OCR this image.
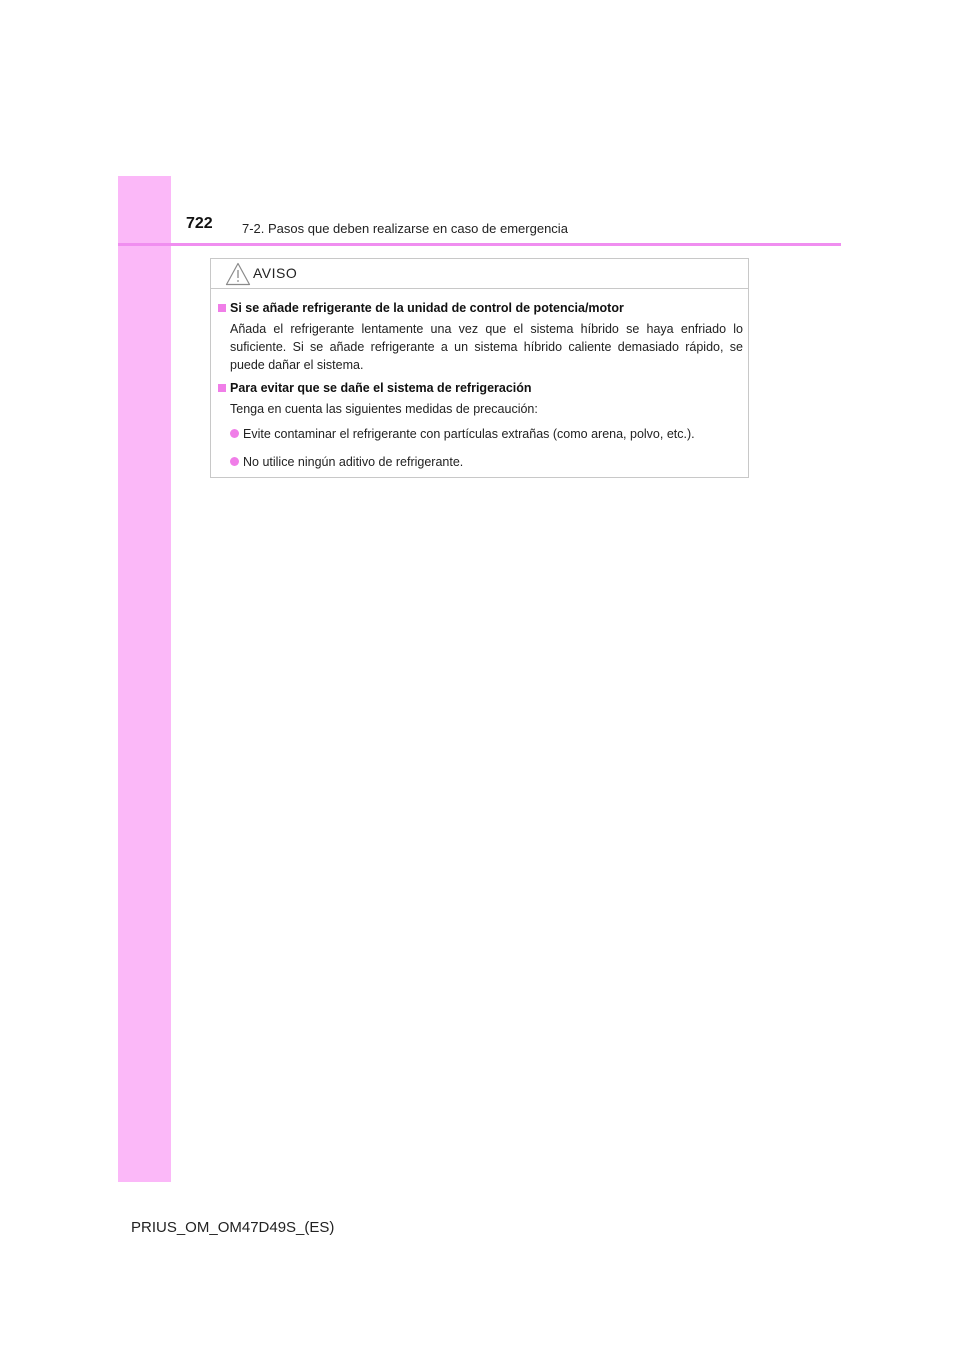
722 7-2. Pasos que deben realizarse en caso de emergencia
AVISO
Si se añade refrigerante de la unidad de control de potencia/motor
Añada el refrigerante lentamente una vez que el sistema híbrido se haya enfriado lo suficiente. Si se añade refrigerante a un sistema híbrido caliente demasiado rápido, se puede dañar el sistema.
Para evitar que se dañe el sistema de refrigeración
Tenga en cuenta las siguientes medidas de precaución:
Evite contaminar el refrigerante con partículas extrañas (como arena, polvo, etc.).
No utilice ningún aditivo de refrigerante.
PRIUS_OM_OM47D49S_(ES)
